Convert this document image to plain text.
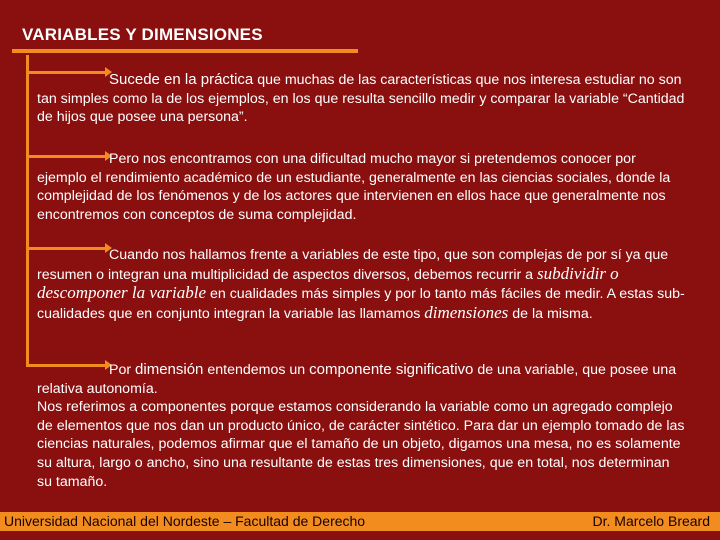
VARIABLES Y DIMENSIONES
Sucede en la práctica que muchas de las características que nos interesa estudiar no son tan simples como la de los ejemplos, en los que resulta sencillo medir y comparar la variable “Cantidad de hijos que posee una persona”.
Pero nos encontramos con una dificultad mucho mayor si pretendemos conocer por ejemplo el rendimiento académico de un estudiante, generalmente en las ciencias sociales, donde la complejidad de los fenómenos y de los actores que intervienen en ellos hace que generalmente nos encontremos con conceptos de suma complejidad.
Cuando nos hallamos frente a variables de este tipo, que son complejas de por sí ya que resumen o integran una multiplicidad de aspectos diversos, debemos recurrir a subdividir o descomponer la variable en cualidades más simples y por lo tanto más fáciles de medir. A estas sub-cualidades que en conjunto integran la variable las llamamos dimensiones de la misma.
Por dimensión entendemos un componente significativo de una variable, que posee una relativa autonomía.
Nos referimos a componentes porque estamos considerando la variable como un agregado complejo de elementos que nos dan un producto único, de carácter sintético. Para dar un ejemplo tomado de las ciencias naturales, podemos afirmar que el tamaño de un objeto, digamos una mesa, no es solamente su altura, largo o ancho, sino una resultante de estas tres dimensiones, que en total, nos determinan su tamaño.
Universidad Nacional del Nordeste – Facultad de Derecho	Dr. Marcelo Breard
